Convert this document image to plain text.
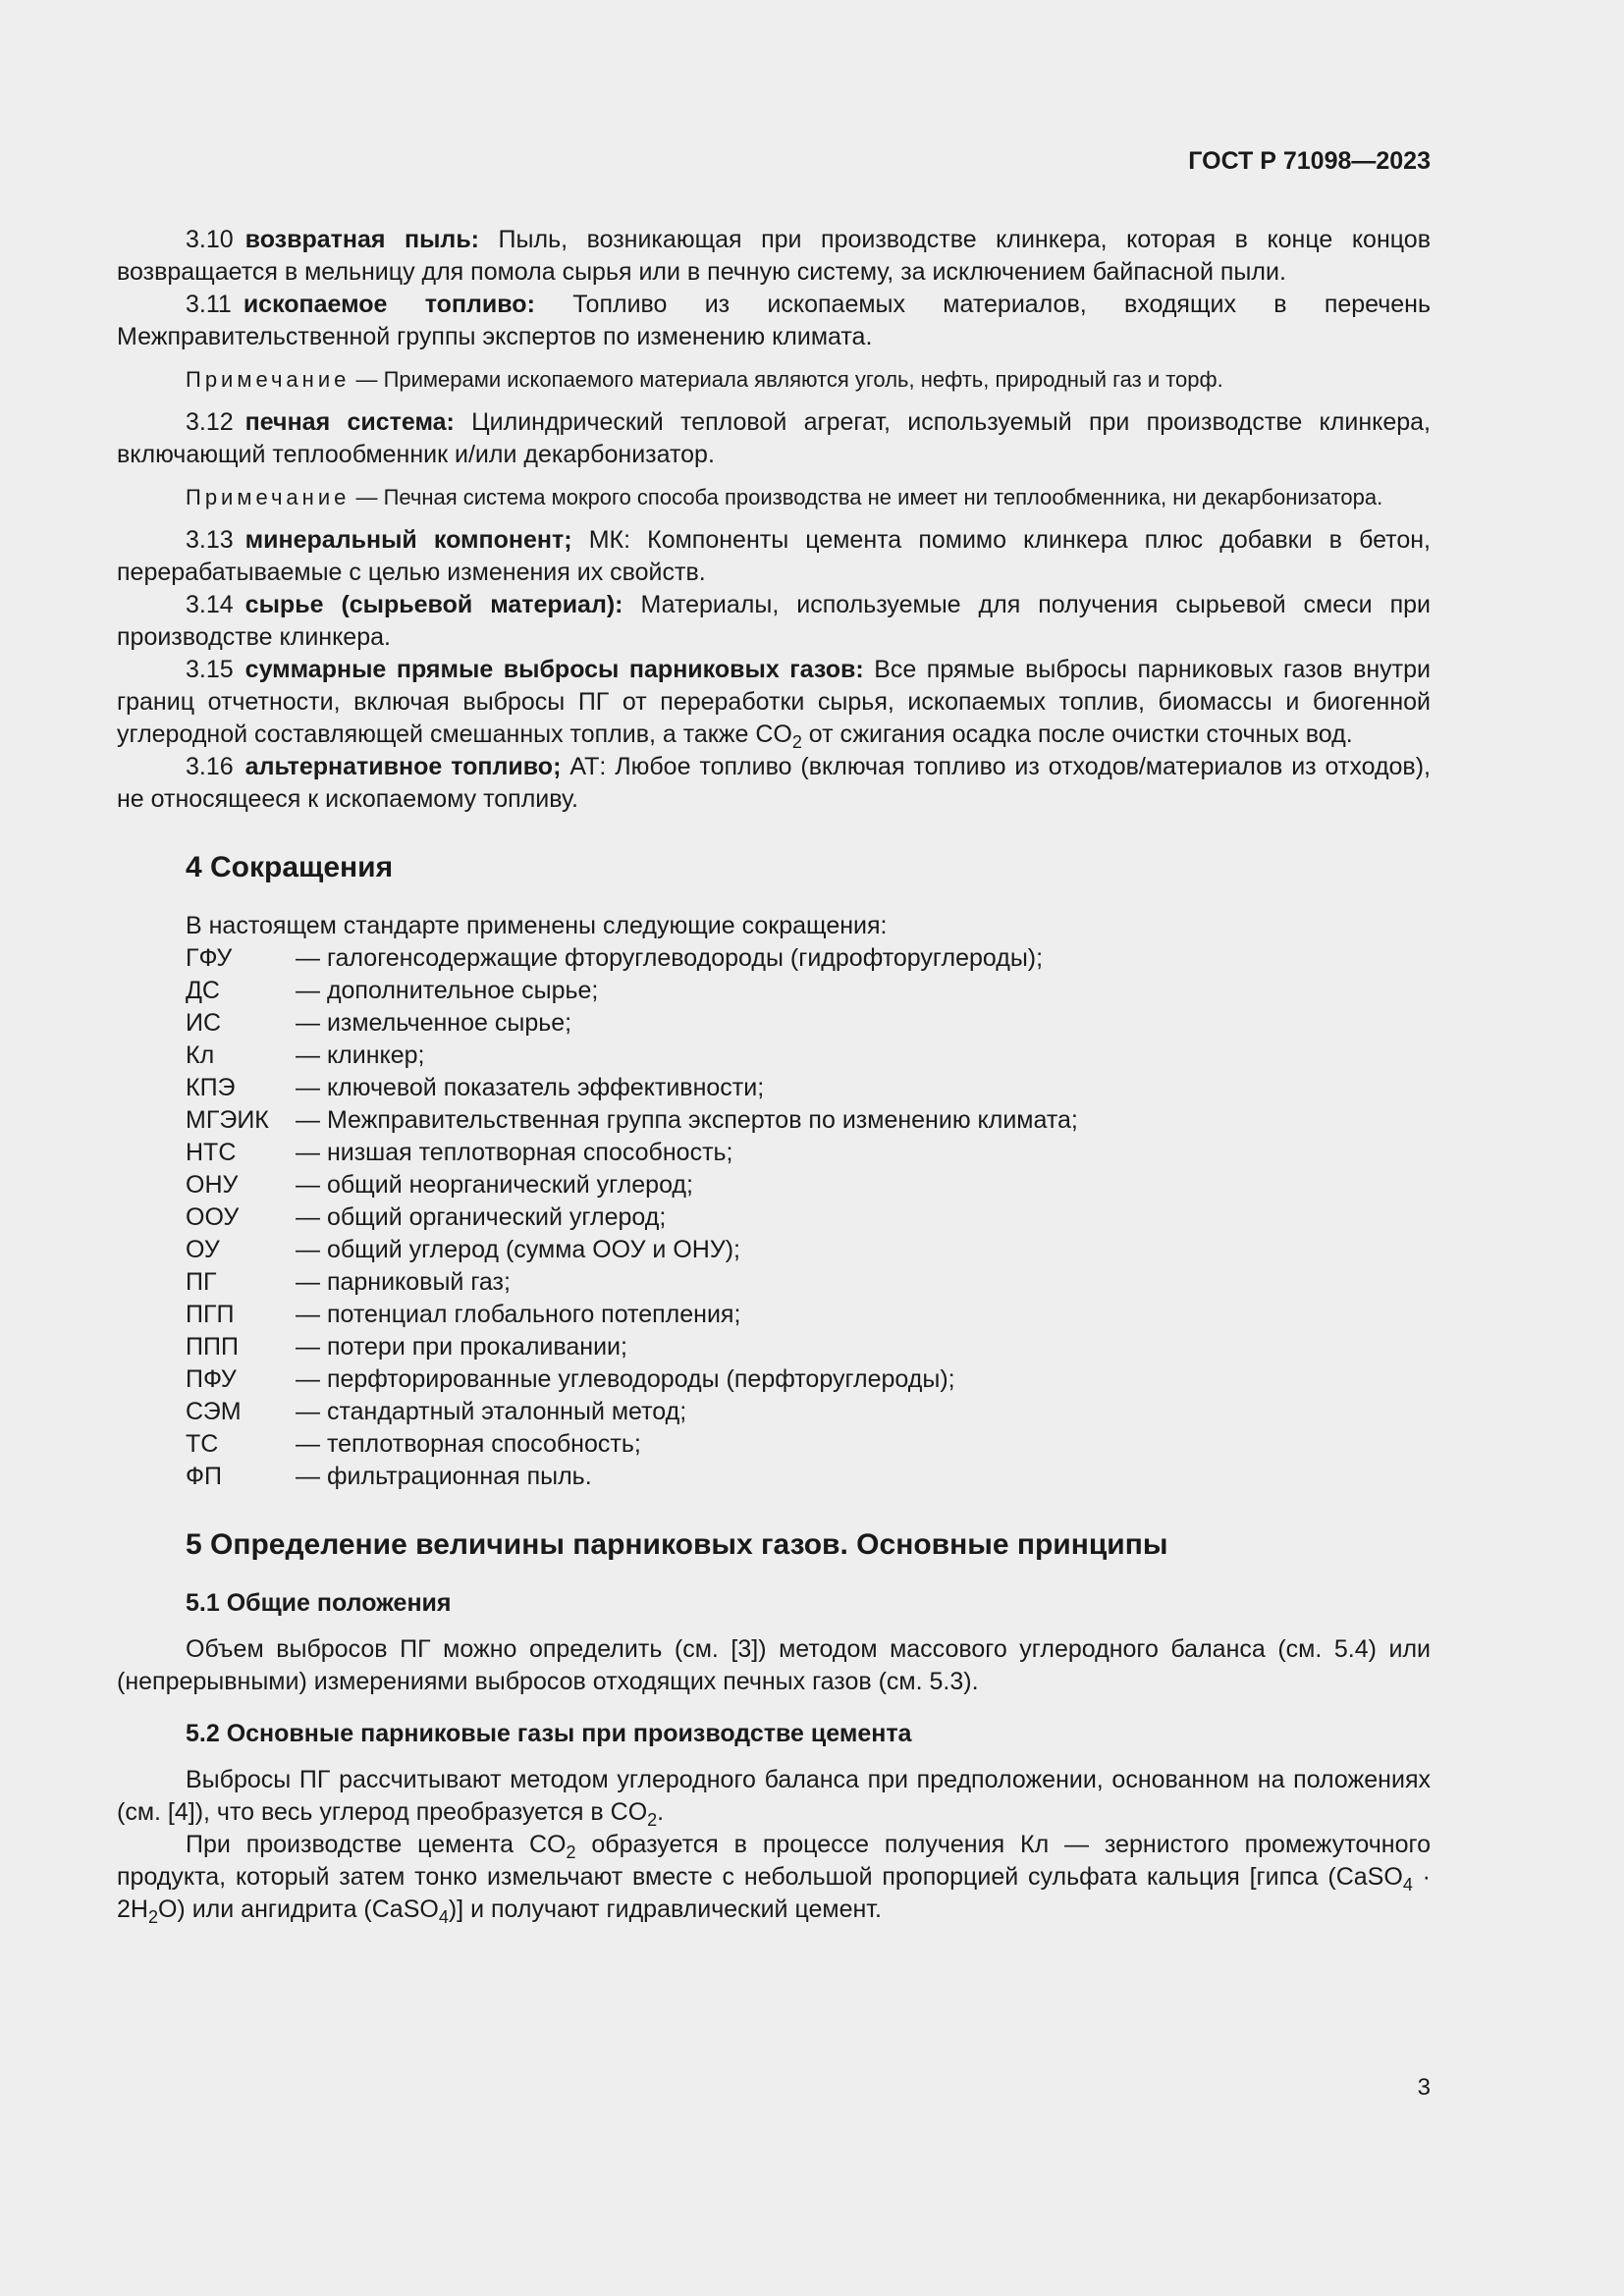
ГОСТ Р 71098—2023

3.10 возвратная пыль: Пыль, возникающая при производстве клинкера, которая в конце концов возвращается в мельницу для помола сырья или в печную систему, за исключением байпасной пыли.

3.11 ископаемое топливо: Топливо из ископаемых материалов, входящих в перечень Межправительственной группы экспертов по изменению климата.

Примечание — Примерами ископаемого материала являются уголь, нефть, природный газ и торф.

3.12 печная система: Цилиндрический тепловой агрегат, используемый при производстве клинкера, включающий теплообменник и/или декарбонизатор.

Примечание — Печная система мокрого способа производства не имеет ни теплообменника, ни декарбонизатора.

3.13 минеральный компонент; МК: Компоненты цемента помимо клинкера плюс добавки в бетон, перерабатываемые с целью изменения их свойств.

3.14 сырье (сырьевой материал): Материалы, используемые для получения сырьевой смеси при производстве клинкера.

3.15 суммарные прямые выбросы парниковых газов: Все прямые выбросы парниковых газов внутри границ отчетности, включая выбросы ПГ от переработки сырья, ископаемых топлив, биомассы и биогенной углеродной составляющей смешанных топлив, а также $CO_2$ от сжигания осадка после очистки сточных вод.

3.16 альтернативное топливо; АТ: Любое топливо (включая топливо из отходов/материалов из отходов), не относящееся к ископаемому топливу.

4 Сокращения
В настоящем стандарте применены следующие сокращения:
ГФУ	— галогенсодержащие фторуглеводороды (гидрофторуглероды);
ДС	— дополнительное сырье;
ИС	— измельченное сырье;
Кл	— клинкер;
КПЭ	— ключевой показатель эффективности;
МГЭИК	— Межправительственная группа экспертов по изменению климата;
НТС	— низшая теплотворная способность;
ОНУ	— общий неорганический углерод;
ООУ	— общий органический углерод;
ОУ	— общий углерод (сумма ООУ и ОНУ);
ПГ	— парниковый газ;
ПГП	— потенциал глобального потепления;
ППП	— потери при прокаливании;
ПФУ	— перфторированные углеводороды (перфторуглероды);
СЭМ	— стандартный эталонный метод;
ТС	— теплотворная способность;
ФП	— фильтрационная пыль.
5 Определение величины парниковых газов. Основные принципы
5.1 Общие положения

Объем выбросов ПГ можно определить (см. [3]) методом массового углеродного баланса (см. 5.4) или (непрерывными) измерениями выбросов отходящих печных газов (см. 5.3).

5.2 Основные парниковые газы при производстве цемента

Выбросы ПГ рассчитывают методом углеродного баланса при предположении, основанном на положениях (см. [4]), что весь углерод преобразуется в $CO_2$.

При производстве цемента $CO_2$ образуется в процессе получения Кл — зернистого промежуточного продукта, который затем тонко измельчают вместе с небольшой пропорцией сульфата кальция [гипса (CaSO$_4$ · $2H_2O$) или ангидрита (CaSO$_4$)] и получают гидравлический цемент.

3
